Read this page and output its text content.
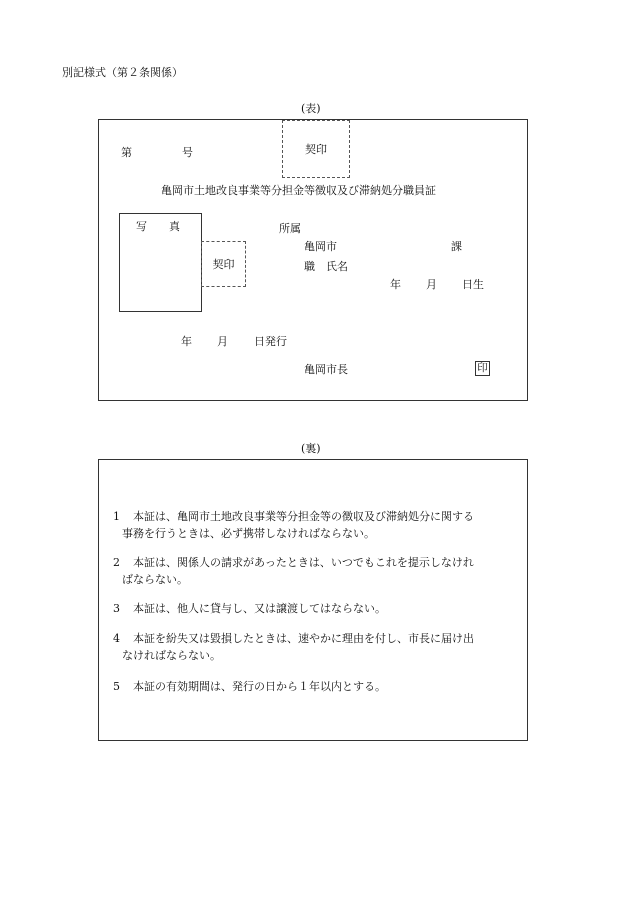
別記様式（第２条関係）
(表)
第	号	契印
亀岡市土地改良事業等分担金等徴収及び滞納処分職員証
写　　真
契印
所属
亀岡市	課
職　氏名
年 月 日生
年 月 日発行
亀岡市長	印
(裏)
1 本証は、亀岡市土地改良事業等分担金等の徴収及び滞納処分に関する
事務を行うときは、必ず携帯しなければならない。
2 本証は、関係人の請求があったときは、いつでもこれを提示しなけれ
ばならない。
3 本証は、他人に貸与し、又は譲渡してはならない。
4 本証を紛失又は毀損したときは、速やかに理由を付し、市長に届け出
なければならない。
5 本証の有効期間は、発行の日から１年以内とする。
